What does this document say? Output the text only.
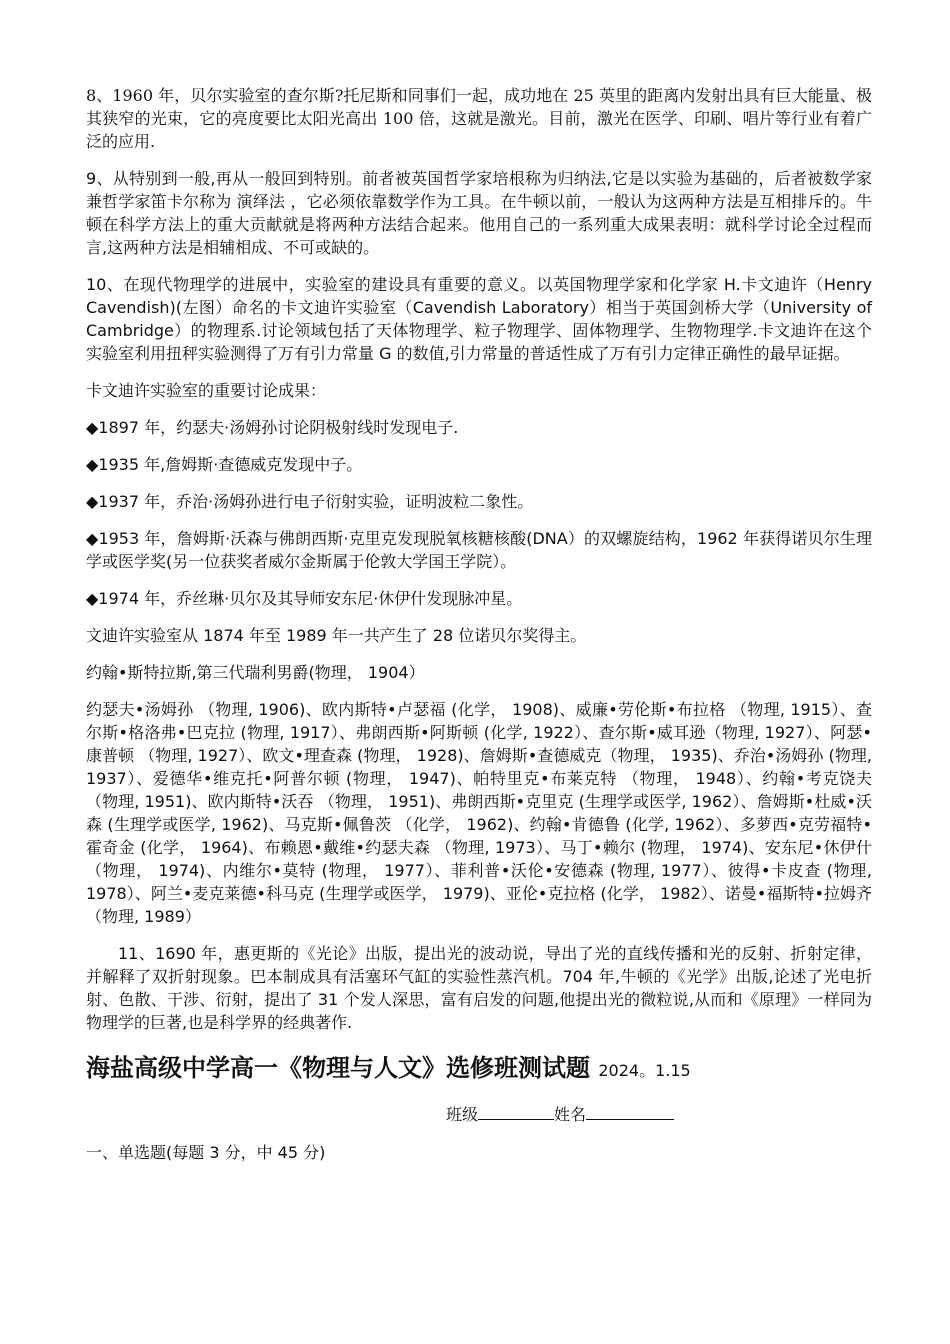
8、1960 年，贝尔实验室的查尔斯?托尼斯和同事们一起，成功地在 25 英里的距离内发射出具有巨大能量、极其狭窄的光束，它的亮度要比太阳光高出 100 倍，这就是激光。目前，激光在医学、印刷、唱片等行业有着广泛的应用.

9、从特别到一般,再从一般回到特别。前者被英国哲学家培根称为归纳法,它是以实验为基础的，后者被数学家兼哲学家笛卡尔称为 演绎法 ，它必须依靠数学作为工具。在牛顿以前，一般认为这两种方法是互相排斥的。牛顿在科学方法上的重大贡献就是将两种方法结合起来。他用自己的一系列重大成果表明：就科学讨论全过程而言,这两种方法是相辅相成、不可或缺的。

10、在现代物理学的进展中，实验室的建设具有重要的意义。以英国物理学家和化学家 H.卡文迪许（Henry Cavendish)(左图）命名的卡文迪许实验室（Cavendish Laboratory）相当于英国剑桥大学（University of Cambridge）的物理系.讨论领域包括了天体物理学、粒子物理学、固体物理学、生物物理学.卡文迪许在这个实验室利用扭秤实验测得了万有引力常量 G 的数值,引力常量的普适性成了万有引力定律正确性的最早证据。

卡文迪许实验室的重要讨论成果：

◆1897 年，约瑟夫·汤姆孙讨论阴极射线时发现电子.

◆1935 年,詹姆斯·查德威克发现中子。

◆1937 年，乔治·汤姆孙进行电子衍射实验，证明波粒二象性。

◆1953 年，詹姆斯·沃森与佛朗西斯·克里克发现脱氧核糖核酸(DNA）的双螺旋结构，1962 年获得诺贝尔生理学或医学奖(另一位获奖者威尔金斯属于伦敦大学国王学院）。

◆1974 年，乔丝琳·贝尔及其导师安东尼·休伊什发现脉冲星。

文迪许实验室从 1874 年至 1989 年一共产生了 28 位诺贝尔奖得主。

约翰•斯特拉斯,第三代瑞利男爵(物理， 1904）

约瑟夫•汤姆孙 （物理, 1906)、欧内斯特•卢瑟福 (化学， 1908)、威廉•劳伦斯•布拉格 （物理, 1915）、查尔斯•格洛弗•巴克拉 (物理, 1917）、弗朗西斯•阿斯顿 (化学, 1922）、查尔斯•威耳逊（物理, 1927）、阿瑟•康普顿 （物理, 1927）、欧文•理查森 (物理， 1928)、詹姆斯•查德威克（物理， 1935)、乔治•汤姆孙 (物理, 1937）、爱德华•维克托•阿普尔顿 (物理， 1947)、帕特里克•布莱克特 （物理， 1948）、约翰•考克饶夫 （物理, 1951)、欧内斯特•沃吞 （物理， 1951)、弗朗西斯•克里克 (生理学或医学, 1962）、詹姆斯•杜威•沃森 (生理学或医学, 1962)、马克斯•佩鲁茨 （化学， 1962)、约翰•肯德鲁 (化学, 1962）、多萝西•克劳福特•霍奇金 (化学， 1964)、布赖恩•戴维•约瑟夫森 （物理, 1973）、马丁•赖尔 (物理， 1974)、安东尼•休伊什 （物理， 1974)、内维尔•莫特 (物理， 1977）、菲利普•沃伦•安德森 (物理, 1977）、彼得•卡皮查 (物理, 1978）、阿兰•麦克莱德•科马克 (生理学或医学， 1979)、亚伦•克拉格 (化学， 1982）、诺曼•福斯特•拉姆齐 （物理, 1989）

11、1690 年，惠更斯的《光论》出版，提出光的波动说，导出了光的直线传播和光的反射、折射定律，并解释了双折射现象。巴本制成具有活塞环气缸的实验性蒸汽机。704 年,牛顿的《光学》出版,论述了光电折射、色散、干涉、衍射，提出了 31 个发人深思，富有启发的问题,他提出光的微粒说,从而和《原理》一样同为物理学的巨著,也是科学界的经典著作.

海盐高级中学高一《物理与人文》选修班测试题 2024。1.15
班级	姓名
一、单选题(每题 3 分，中 45 分)
